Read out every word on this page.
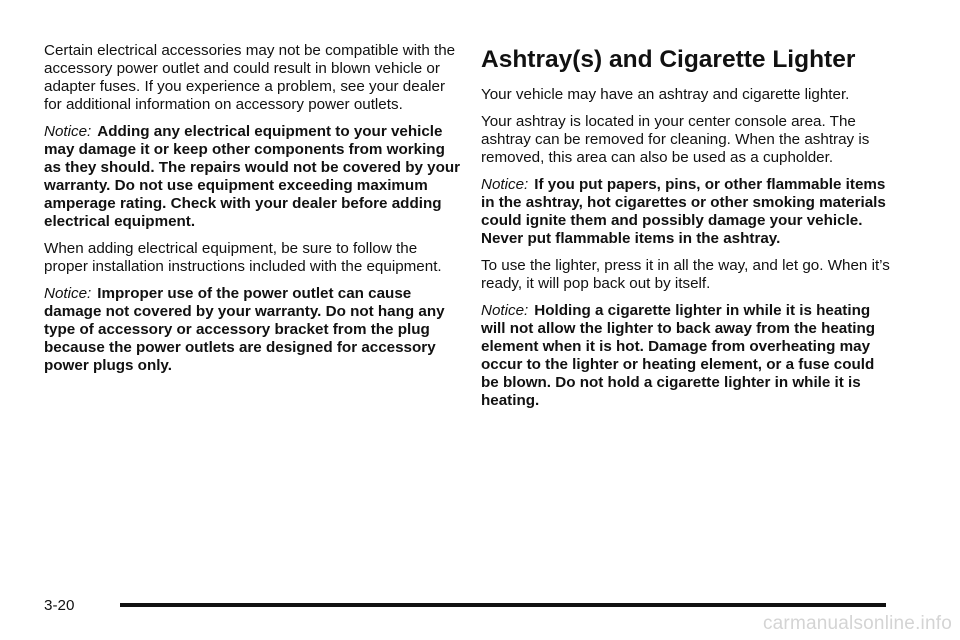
Certain electrical accessories may not be compatible with the accessory power outlet and could result in blown vehicle or adapter fuses. If you experience a problem, see your dealer for additional information on accessory power outlets.

Notice: Adding any electrical equipment to your vehicle may damage it or keep other components from working as they should. The repairs would not be covered by your warranty. Do not use equipment exceeding maximum amperage rating. Check with your dealer before adding electrical equipment.

When adding electrical equipment, be sure to follow the proper installation instructions included with the equipment.

Notice: Improper use of the power outlet can cause damage not covered by your warranty. Do not hang any type of accessory or accessory bracket from the plug because the power outlets are designed for accessory power plugs only.

Ashtray(s) and Cigarette Lighter

Your vehicle may have an ashtray and cigarette lighter.

Your ashtray is located in your center console area. The ashtray can be removed for cleaning. When the ashtray is removed, this area can also be used as a cupholder.

Notice: If you put papers, pins, or other flammable items in the ashtray, hot cigarettes or other smoking materials could ignite them and possibly damage your vehicle. Never put flammable items in the ashtray.

To use the lighter, press it in all the way, and let go. When it’s ready, it will pop back out by itself.

Notice: Holding a cigarette lighter in while it is heating will not allow the lighter to back away from the heating element when it is hot. Damage from overheating may occur to the lighter or heating element, or a fuse could be blown. Do not hold a cigarette lighter in while it is heating.

3-20
carmanualsonline.info
